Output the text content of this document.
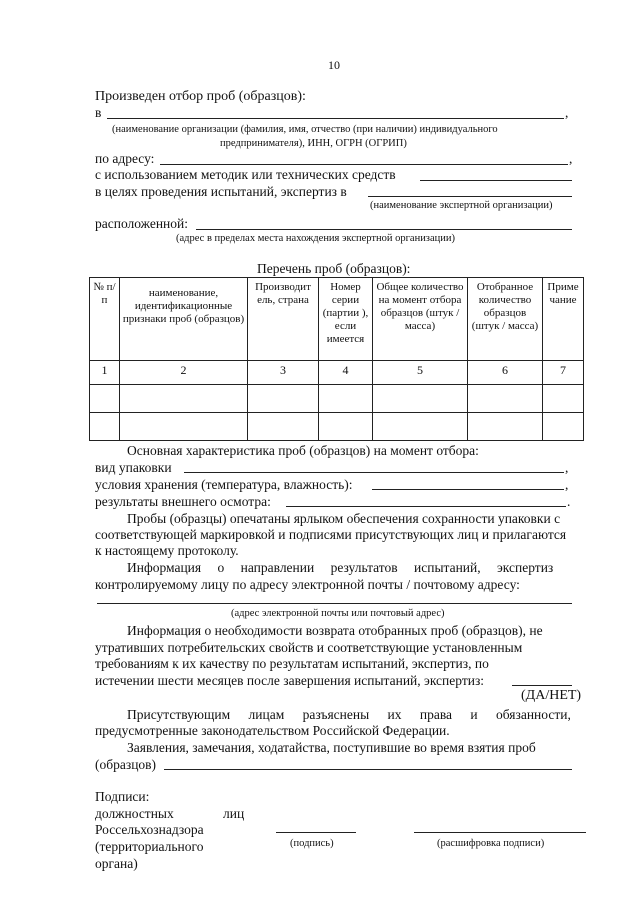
10
Произведен отбор проб (образцов):
в	,
(наименование организации (фамилия, имя, отчество (при наличии) индивидуального
предпринимателя), ИНН, ОГРН (ОГРИП)
по адресу:	,
с использованием методик или технических средств
в целях проведения испытаний, экспертиз в
(наименование экспертной организации)
расположенной:
(адрес в пределах места нахождения экспертной организации)
Перечень проб (образцов):
№ п/п	наименование, идентификационные признаки проб (образцов)	Производит ель, страна	Номер серии (партии ), если имеется	Общее количество на момент отбора образцов (штук / масса)	Отобранное количество образцов (штук / масса)	Приме чание
1	2	3	4	5	6	7

Основная характеристика проб (образцов) на момент отбора:
вид упаковки	,
условия хранения (температура, влажность):	,
результаты внешнего осмотра:	.
Пробы (образцы) опечатаны ярлыком обеспечения сохранности упаковки с
соответствующей маркировкой и подписями присутствующих лиц и прилагаются
к настоящему протоколу.
Информация о направлении результатов испытаний, экспертиз
контролируемому лицу по адресу электронной почты / почтовому адресу:
(адрес электронной почты или почтовый адрес)
Информация о необходимости возврата отобранных проб (образцов), не
утративших потребительских свойств и соответствующие установленным
требованиям к их качеству по результатам испытаний, экспертиз, по
истечении шести месяцев после завершения испытаний, экспертиз:
(ДА/НЕТ)
Присутствующим лицам разъяснены их права и обязанности,
предусмотренные законодательством Российской Федерации.
Заявления, замечания, ходатайства, поступившие во время взятия проб
(образцов)
Подписи:
должностных	лиц
Россельхознадзора
(территориального
органа)
(подпись)	(расшифровка подписи)
